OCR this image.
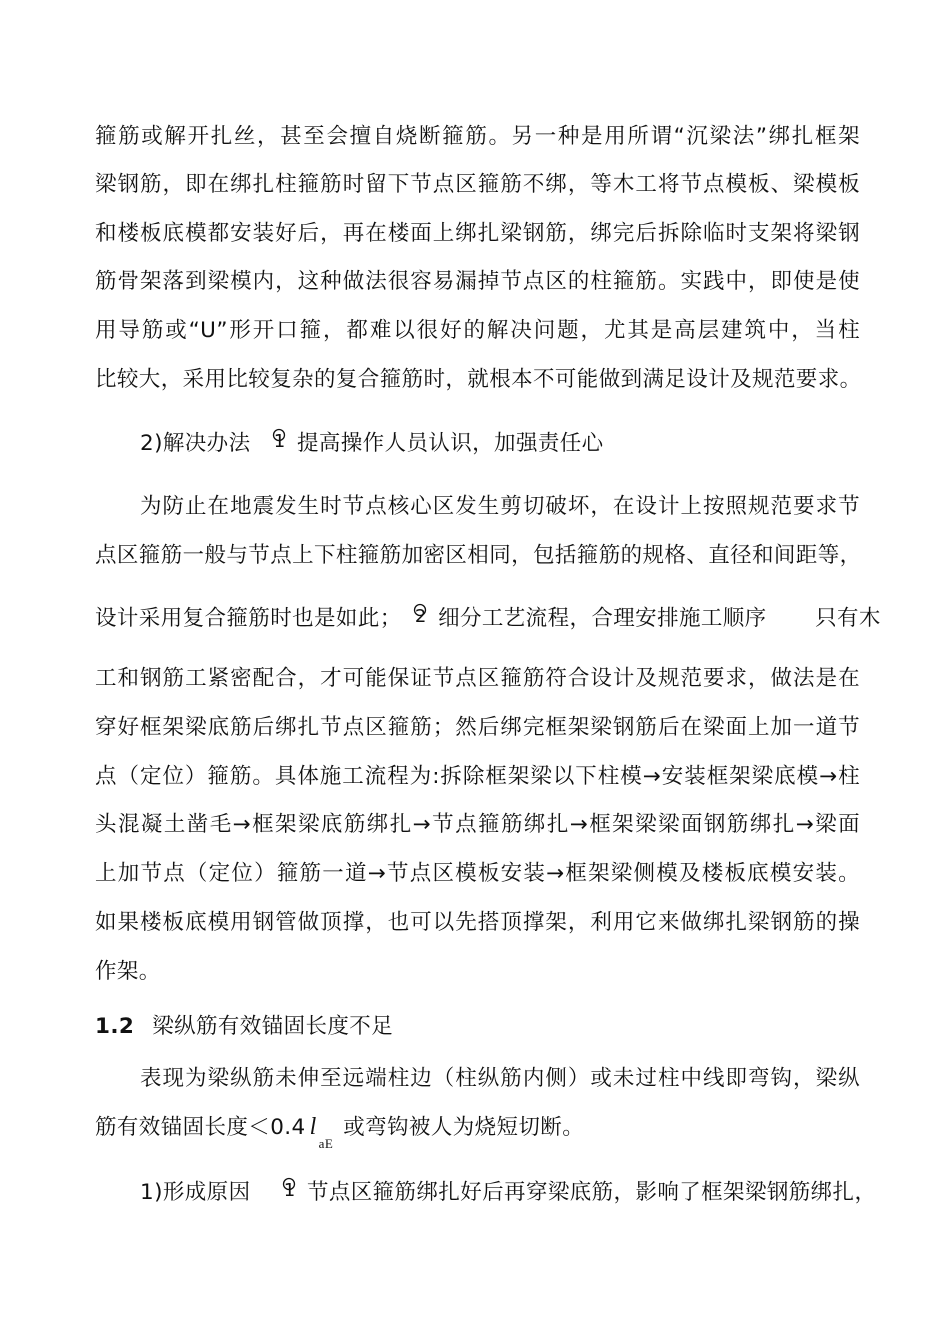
箍筋或解开扎丝，甚至会擅自烧断箍筋。另一种是用所谓“沉梁法”绑扎框架
梁钢筋，即在绑扎柱箍筋时留下节点区箍筋不绑，等木工将节点模板、梁模板
和楼板底模都安装好后，再在楼面上绑扎梁钢筋，绑完后拆除临时支架将梁钢
筋骨架落到梁模内，这种做法很容易漏掉节点区的柱箍筋。实践中，即使是使
用导筋或“U”形开口箍，都难以很好的解决问题，尤其是高层建筑中，当柱
比较大，采用比较复杂的复合箍筋时，就根本不可能做到满足设计及规范要求。
2)解决办法 1 提高操作人员认识，加强责任心
为防止在地震发生时节点核心区发生剪切破坏，在设计上按照规范要求节
点区箍筋一般与节点上下柱箍筋加密区相同，包括箍筋的规格、直径和间距等，
设计采用复合箍筋时也是如此； 2 细分工艺流程，合理安排施工顺序 只有木
工和钢筋工紧密配合，才可能保证节点区箍筋符合设计及规范要求，做法是在
穿好框架梁底筋后绑扎节点区箍筋；然后绑完框架梁钢筋后在梁面上加一道节
点（定位）箍筋。具体施工流程为:拆除框架梁以下柱模→安装框架梁底模→柱
头混凝土凿毛→框架梁底筋绑扎→节点箍筋绑扎→框架梁梁面钢筋绑扎→梁面
上加节点（定位）箍筋一道→节点区模板安装→框架梁侧模及楼板底模安装。
如果楼板底模用钢管做顶撑，也可以先搭顶撑架，利用它来做绑扎梁钢筋的操
作架。
1.2 梁纵筋有效锚固长度不足
表现为梁纵筋未伸至远端柱边（柱纵筋内侧）或未过柱中线即弯钩，梁纵
筋有效锚固长度＜0.4 $l_{aE}$或弯钩被人为烧短切断。
1)形成原因 1 节点区箍筋绑扎好后再穿梁底筋，影响了框架梁钢筋绑扎，
